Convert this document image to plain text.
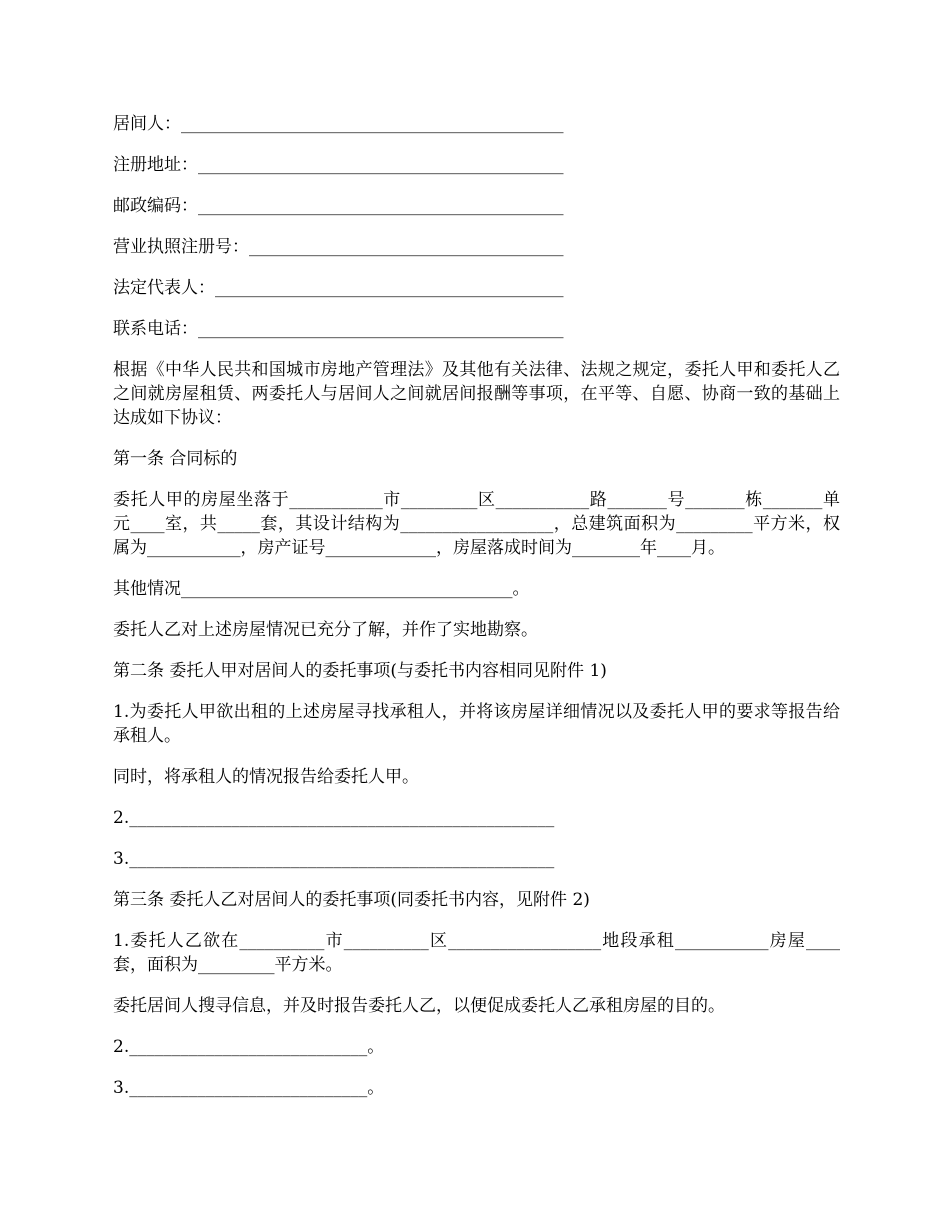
居间人：_____________________________________________
注册地址：___________________________________________
邮政编码：___________________________________________
营业执照注册号：_____________________________________
法定代表人：_________________________________________
联系电话：___________________________________________
根据《中华人民共和国城市房地产管理法》及其他有关法律、法规之规定，委托人甲和委托人乙之间就房屋租赁、两委托人与居间人之间就居间报酬等事项，在平等、自愿、协商一致的基础上达成如下协议：
第一条 合同标的
委托人甲的房屋坐落于___________市_________区___________路_______号_______栋_______单元____室，共_____套，其设计结构为__________________，总建筑面积为_________平方米，权属为___________，房产证号_____________，房屋落成时间为________年____月。
其他情况_______________________________________。
委托人乙对上述房屋情况已充分了解，并作了实地勘察。
第二条 委托人甲对居间人的委托事项(与委托书内容相同见附件 1)
1.为委托人甲欲出租的上述房屋寻找承租人，并将该房屋详细情况以及委托人甲的要求等报告给承租人。
同时，将承租人的情况报告给委托人甲。
2.__________________________________________________
3.__________________________________________________
第三条 委托人乙对居间人的委托事项(同委托书内容，见附件 2)
1.委托人乙欲在__________市__________区__________________地段承租___________房屋____套，面积为_________平方米。
委托居间人搜寻信息，并及时报告委托人乙，以便促成委托人乙承租房屋的目的。
2.____________________________。
3.____________________________。
